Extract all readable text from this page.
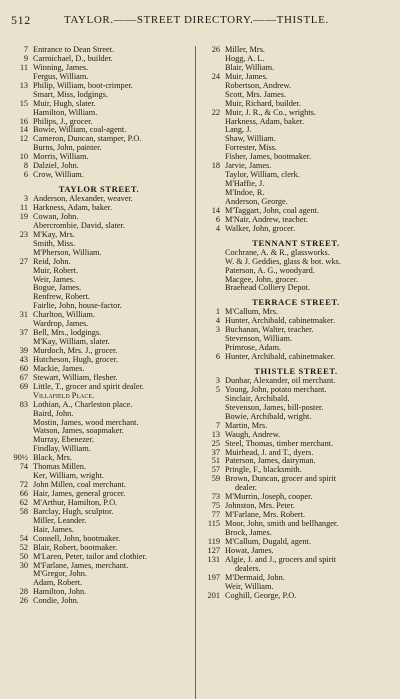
512	TAYLOR.——STREET DIRECTORY.——THISTLE.
7 Entrance to Dean Street.
9 Carmichael, D., builder.
11 Winning, James.
Fergus, William.
13 Philip, William, boot-crimper.
Smart, Miss, lodgings.
15 Muir, Hugh, slater.
Hamilton, William.
16 Philips, J., grocer.
14 Bowie, William, coal-agent.
12 Cameron, Duncan, stamper, P.O.
Burns, John, painter.
10 Morris, William.
8 Dalziel, John.
6 Crow, William.
TAYLOR STREET.
3 Anderson, Alexander, weaver.
11 Harkness, Adam, baker.
19 Cowan, John.
Abercrombie, David, slater.
23 M'Kay, Mrs.
Smith, Miss.
M'Pherson, William.
27 Reid, John.
Muir, Robert.
Weir, James.
Bogue, James.
Renfrew, Robert.
Fairlie, John, house-factor.
31 Charlton, William.
Wardrop, James.
37 Bell, Mrs., lodgings.
M'Kay, William, slater.
39 Murdoch, Mrs. J., grocer.
43 Hutcheson, Hugh, grocer.
60 Mackie, James.
67 Stewart, William, flesher.
69 Little, T., grocer and spirit dealer.
Villafield Place.
83 Lothian, A., Charleston place.
Baird, John.
Mostin, James, wood merchant.
Watson, James, soapmaker.
Murray, Ebenezer.
Findlay, William.
90½ Black, Mrs.
74 Thomas Millen.
Ker, William, wright.
72 John Millen, coal merchant.
66 Hair, James, general grocer.
62 M'Arthur, Hamilton, P.O.
58 Barclay, Hugh, sculptor.
Miller, Leander.
Hair, James.
54 Connell, John, bootmaker.
52 Blair, Robert, bootmaker.
50 M'Laren, Peter, tailor and clothier.
30 M'Farlane, James, merchant.
M'Gregor, John.
Adam, Robert.
28 Hamilton, John.
26 Condie, John.
26 Miller, Mrs.
Hogg, A. L.
Blair, William.
24 Muir, James.
Robertson, Andrew.
Scott, Mrs. James.
Muir, Richard, builder.
22 Muir, J. R., & Co., wrights.
Harkness, Adam, baker.
Lang, J.
Shaw, William.
Forrester, Miss.
Fisher, James, bootmaker.
18 Jarvie, James.
Taylor, William, clerk.
M'Haffie, J.
M'Indoe, R.
Anderson, George.
14 M'Taggart, John, coal agent.
6 M'Nair, Andrew, teacher.
4 Walker, John, grocer.
TENNANT STREET.
Cochrane, A. & R., glassworks.
W. & J. Geddies, glass & bot. wks.
Paterson, A. G., woodyard.
Macgee, John, grocer.
Braehead Colliery Depot.
TERRACE STREET.
1 M'Callum, Mrs.
4 Hunter, Archibald, cabinetmaker.
3 Buchanan, Walter, teacher.
Stevenson, William.
Primrose, Adam.
6 Hunter, Archibald, cabinetmaker.
THISTLE STREET.
3 Dunbar, Alexander, oil merchant.
5 Young, John, potato merchant.
Sinclair, Archibald.
Stevenson, James, bill-poster.
Bowie, Archibald, wright.
7 Martin, Mrs.
13 Waugh, Andrew.
25 Steel, Thomas, timber merchant.
37 Muirhead, J. and T., dyers.
51 Paterson, James, dairyman.
57 Pringle, F., blacksmith.
59 Brown, Duncan, grocer and spirit
dealer.
73 M'Murrin, Joseph, cooper.
75 Johnston, Mrs. Peter.
77 M'Farlane, Mrs. Robert.
115 Moor, John, smith and bellhanger.
Brock, James.
119 M'Callum, Dugald, agent.
127 Howat, James.
131 Algie, J. and J., grocers and spirit
dealers.
197 M'Dermaid, John.
Weir, William.
201 Coghill, George, P.O.
